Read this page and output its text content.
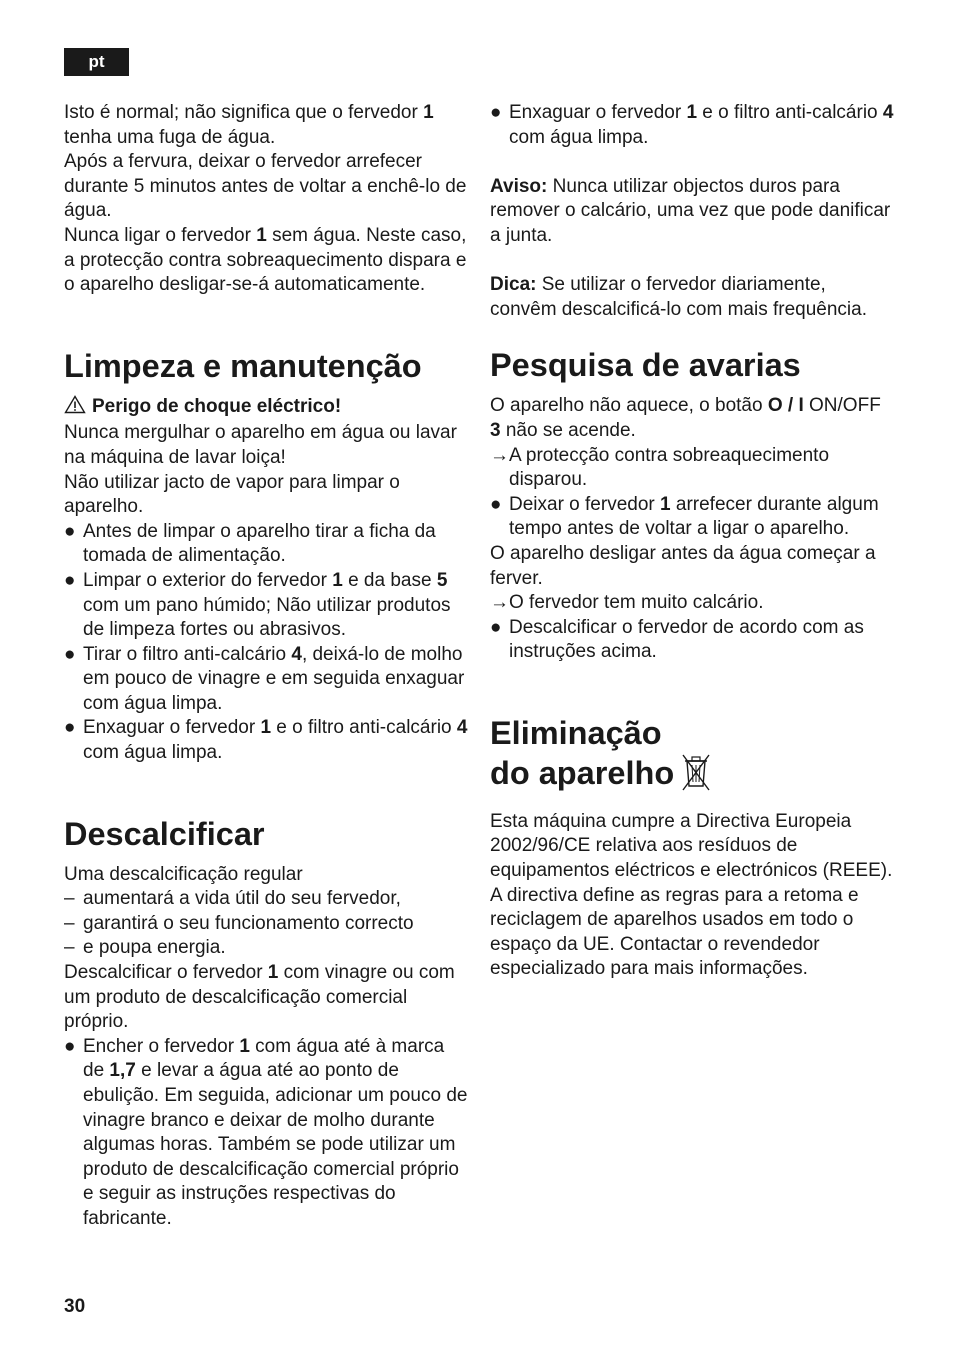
pt

Isto é normal; não significa que o fervedor 1 tenha uma fuga de água.

Após a fervura, deixar o fervedor arrefecer durante 5 minutos antes de voltar a enchê-lo de água.

Nunca ligar o fervedor 1 sem água. Neste caso, a protecção contra sobreaquecimento dispara e o aparelho desligar-se-á automaticamente.

Limpeza e manutenção

Perigo de choque eléctrico!

Nunca mergulhar o aparelho em água ou lavar na máquina de lavar loiça!

Não utilizar jacto de vapor para limpar o aparelho.

● Antes de limpar o aparelho tirar a ficha da tomada de alimentação.
● Limpar o exterior do fervedor 1 e da base 5 com um pano húmido; Não utilizar produtos de limpeza fortes ou abrasivos.
● Tirar o filtro anti-calcário 4, deixá-lo de molho em pouco de vinagre e em seguida enxaguar com água limpa.
● Enxaguar o fervedor 1 e o filtro anti-calcário 4 com água limpa.
Descalcificar

Uma descalcificação regular

– aumentará a vida útil do seu fervedor,
– garantirá o seu funcionamento correcto
– e poupa energia.

Descalcificar o fervedor 1 com vinagre ou com um produto de descalcificação comercial próprio.

● Encher o fervedor 1 com água até à marca de 1,7 e levar a água até ao ponto de ebulição. Em seguida, adicionar um pouco de vinagre branco e deixar de molho durante algumas horas. Também se pode utilizar um produto de descalcificação comercial próprio e seguir as instruções respectivas do fabricante.
● Enxaguar o fervedor 1 e o filtro anti-calcário 4 com água limpa.

Aviso: Nunca utilizar objectos duros para remover o calcário, uma vez que pode danificar a junta.

Dica: Se utilizar o fervedor diariamente, convêm descalcificá-lo com mais frequência.

Pesquisa de avarias

O aparelho não aquece, o botão O / I ON/OFF 3 não se acende.

→ A protecção contra sobreaquecimento disparou.
● Deixar o fervedor 1 arrefecer durante algum tempo antes de voltar a ligar o aparelho.

O aparelho desligar antes da água começar a ferver.

→ O fervedor tem muito calcário.
● Descalcificar o fervedor de acordo com as instruções acima.
Eliminação
do aparelho

Esta máquina cumpre a Directiva Europeia 2002/96/CE relativa aos resíduos de equipamentos eléctricos e electrónicos (REEE). A directiva define as regras para a retoma e reciclagem de aparelhos usados em todo o espaço da UE. Contactar o revendedor especializado para mais informações.

30
